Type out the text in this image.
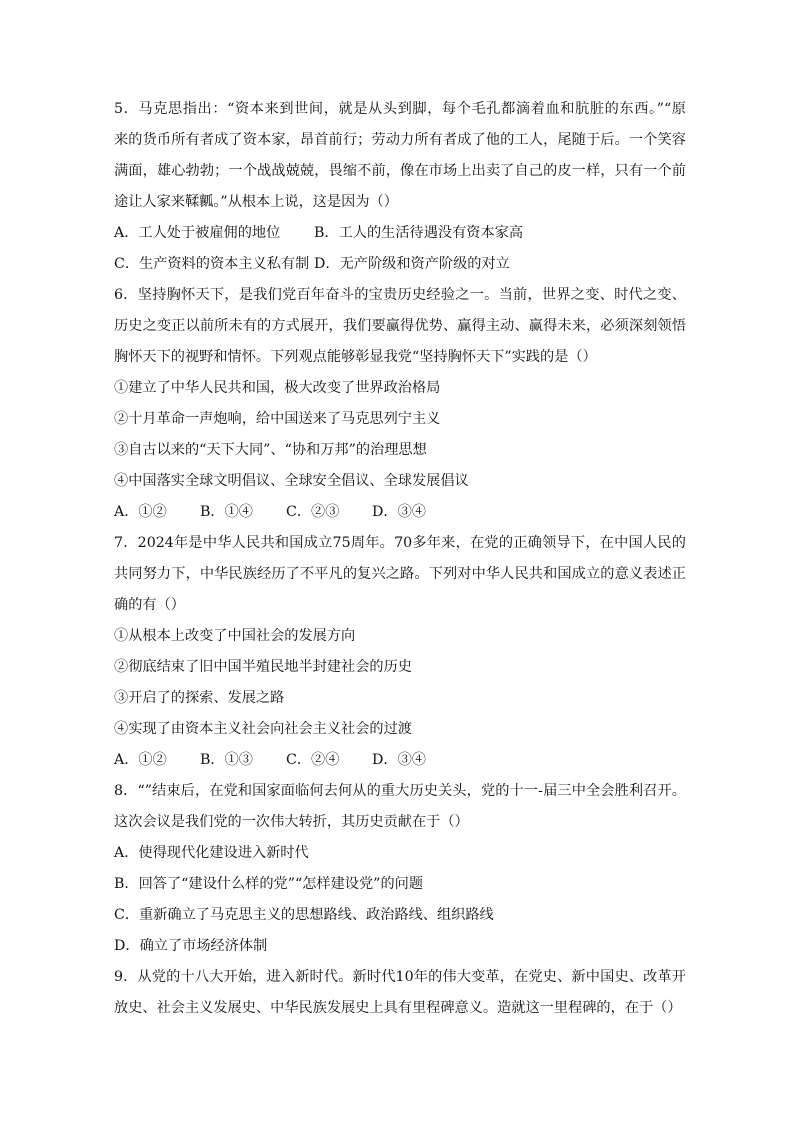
5．马克思指出：“资本来到世间，就是从头到脚，每个毛孔都滴着血和肮脏的东西。”“原
来的货币所有者成了资本家，昂首前行；劳动力所有者成了他的工人，尾随于后。一个笑容
满面，雄心勃勃；一个战战兢兢，畏缩不前，像在市场上出卖了自己的皮一样，只有一个前
途让人家来鞣瓤。”从根本上说，这是因为（）
A．工人处于被雇佣的地位	B．工人的生活待遇没有资本家高
C．生产资料的资本主义私有制 D．无产阶级和资产阶级的对立
6．坚持胸怀天下，是我们党百年奋斗的宝贵历史经验之一。当前，世界之变、时代之变、
历史之变正以前所未有的方式展开，我们要赢得优势、赢得主动、赢得未来，必须深刻领悟
胸怀天下的视野和情怀。下列观点能够彰显我党“坚持胸怀天下”实践的是（）
①建立了中华人民共和国，极大改变了世界政治格局
②十月革命一声炮响，给中国送来了马克思列宁主义
③自古以来的“天下大同”、“协和万邦”的治理思想
④中国落实全球文明倡议、全球安全倡议、全球发展倡议
A．①②	B．①④	C．②③	D．③④
7．2024年是中华人民共和国成立75周年。70多年来，在党的正确领导下，在中国人民的
共同努力下，中华民族经历了不平凡的复兴之路。下列对中华人民共和国成立的意义表述正
确的有（）
①从根本上改变了中国社会的发展方向
②彻底结束了旧中国半殖民地半封建社会的历史
③开启了的探索、发展之路
④实现了由资本主义社会向社会主义社会的过渡
A．①②	B．①③	C．②④	D．③④
8．“”结束后，在党和国家面临何去何从的重大历史关头，党的十一-届三中全会胜利召开。
这次会议是我们党的一次伟大转折，其历史贡献在于（）
A．使得现代化建设进入新时代
B．回答了“建设什么样的党”“怎样建设党”的问题
C．重新确立了马克思主义的思想路线、政治路线、组织路线
D．确立了市场经济体制
9．从党的十八大开始，进入新时代。新时代10年的伟大变革，在党史、新中国史、改革开
放史、社会主义发展史、中华民族发展史上具有里程碑意义。造就这一里程碑的，在于（）
